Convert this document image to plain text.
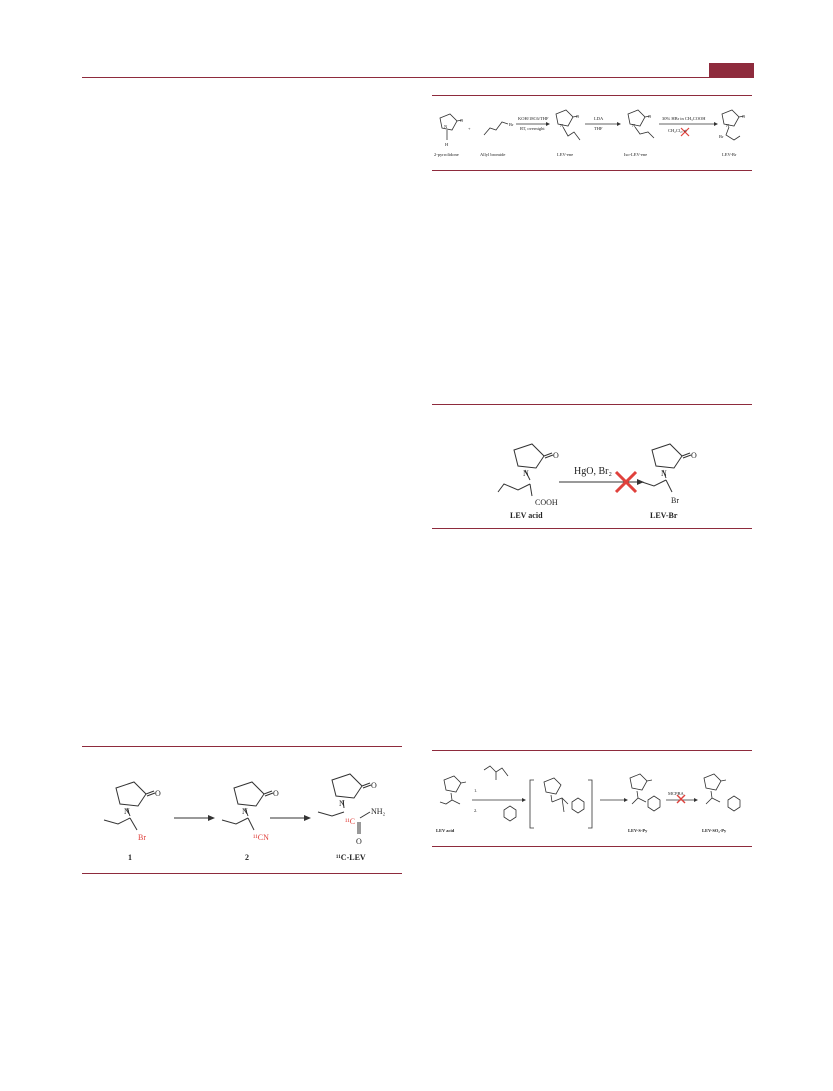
O
N
H
+
Br
O
N
O
N
O
N
Br
KOH/18C6/THF
RT, overnight
LDA
THF
30% HBr in CH₃COOH
CH₂Cl₂, rt
2-pyrrolidone	Allyl bromide	LEV-ene	Iso-LEV-ene	LEV-Br
O
N
COOH
O
N
Br
HgO, Br₂
LEV acid	LEV-Br
O
N
Br
O
N
¹¹CN
O
N
¹¹C
NH₂
O
1	2	¹¹C-LEV
1.
2.
MCPBA
LEV acid	LEV-S-Py	LEV-SO₂-Py
